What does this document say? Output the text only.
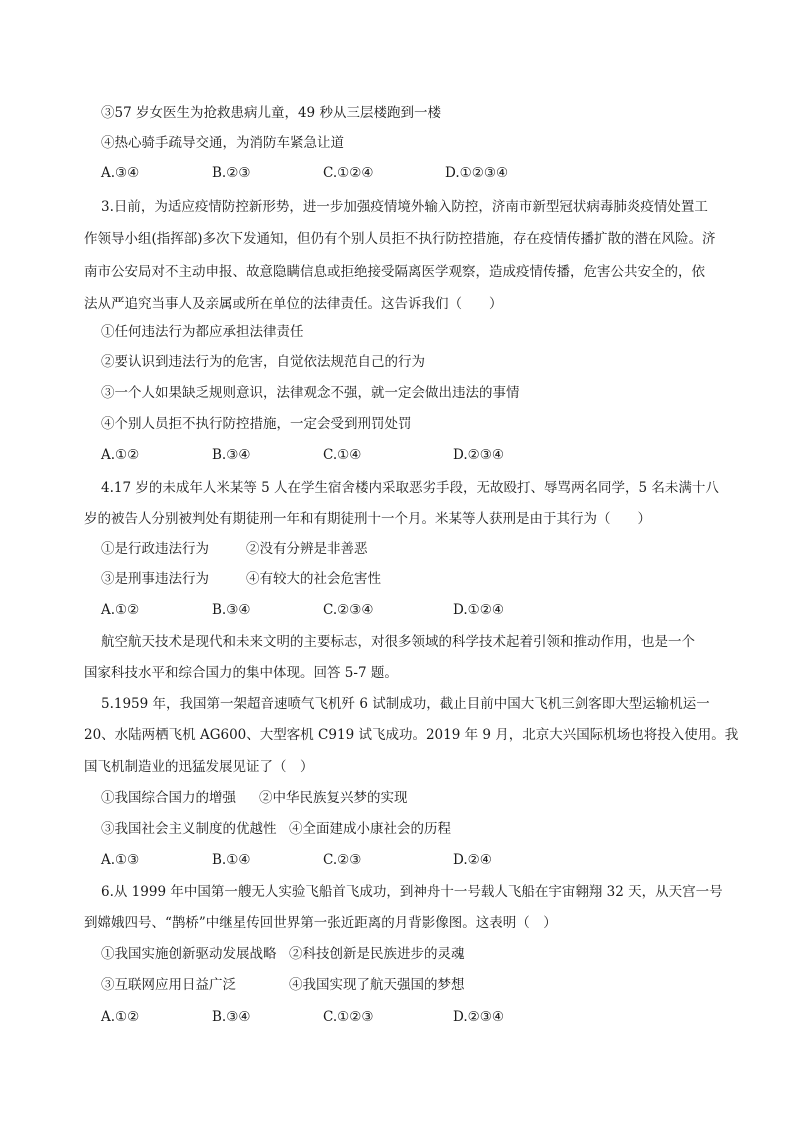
③57 岁女医生为抢救患病儿童，49 秒从三层楼跑到一楼
④热心骑手疏导交通，为消防车紧急让道
A.③④	B.②③	C.①②④	D.①②③④
3.日前，为适应疫情防控新形势，进一步加强疫情境外输入防控，济南市新型冠状病毒肺炎疫情处置工
作领导小组(指挥部)多次下发通知，但仍有个别人员拒不执行防控措施，存在疫情传播扩散的潜在风险。济
南市公安局对不主动申报、故意隐瞒信息或拒绝接受隔离医学观察，造成疫情传播，危害公共安全的，依
法从严追究当事人及亲属或所在单位的法律责任。这告诉我们（　　）
①任何违法行为都应承担法律责任
②要认识到违法行为的危害，自觉依法规范自己的行为
③一个人如果缺乏规则意识，法律观念不强，就一定会做出违法的事情
④个别人员拒不执行防控措施，一定会受到刑罚处罚
A.①②	B.③④	C.①④	D.②③④
4.17 岁的未成年人米某等 5 人在学生宿舍楼内采取恶劣手段，无故殴打、辱骂两名同学，5 名未满十八
岁的被告人分别被判处有期徒刑一年和有期徒刑十一个月。米某等人获刑是由于其行为（　　）
①是行政违法行为	②没有分辨是非善恶
③是刑事违法行为	④有较大的社会危害性
A.①②	B.③④	C.②③④	D.①②④
航空航天技术是现代和未来文明的主要标志，对很多领域的科学技术起着引领和推动作用，也是一个
国家科技水平和综合国力的集中体现。回答 5-7 题。
5.1959 年，我国第一架超音速喷气飞机歼 6 试制成功，截止目前中国大飞机三剑客即大型运输机运一
20、水陆两栖飞机 AG600、大型客机 C919 试飞成功。2019 年 9 月，北京大兴国际机场也将投入使用。我
国飞机制造业的迅猛发展见证了（　）
①我国综合国力的增强 ②中华民族复兴梦的实现
③我国社会主义制度的优越性 ④全面建成小康社会的历程
A.①③	B.①④	C.②③	D.②④
6.从 1999 年中国第一艘无人实验飞船首飞成功，到神舟十一号载人飞船在宇宙翱翔 32 天，从天宫一号
到嫦娥四号、“鹊桥”中继星传回世界第一张近距离的月背影像图。这表明（　）
①我国实施创新驱动发展战略 ②科技创新是民族进步的灵魂
③互联网应用日益广泛	④我国实现了航天强国的梦想
A.①②	B.③④	C.①②③	D.②③④
